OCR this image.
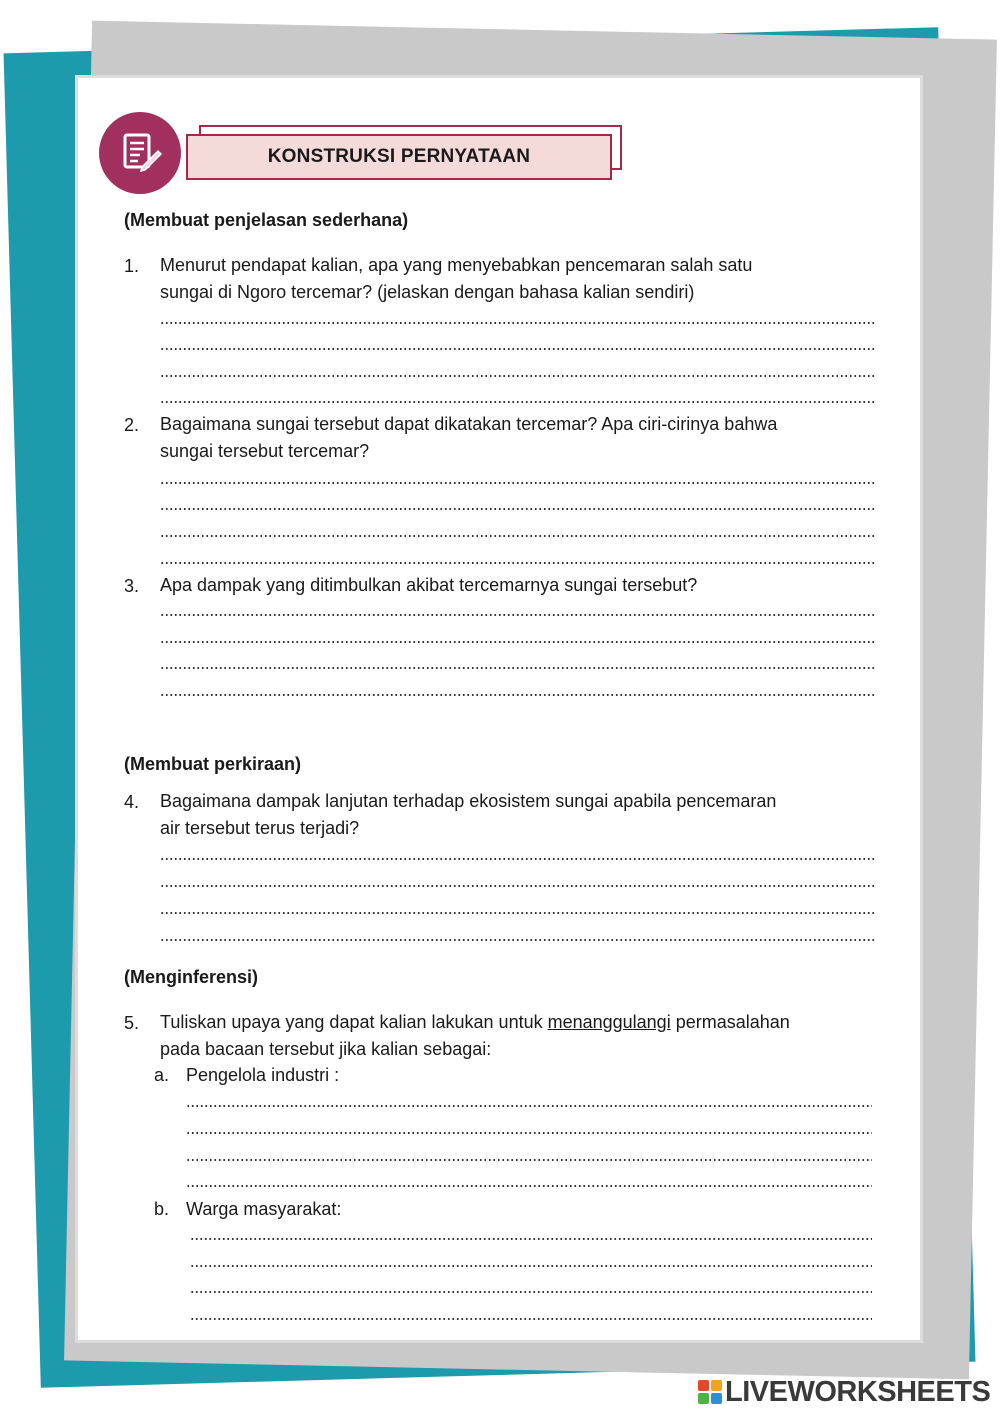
KONSTRUKSI PERNYATAAN
(Membuat penjelasan sederhana)
1. Menurut pendapat kalian, apa yang menyebabkan pencemaran salah satu
sungai di Ngoro tercemar? (jelaskan dengan bahasa kalian sendiri)
2. Bagaimana sungai tersebut dapat dikatakan tercemar? Apa ciri-cirinya bahwa
sungai tersebut tercemar?
3. Apa dampak yang ditimbulkan akibat tercemarnya sungai tersebut?
(Membuat perkiraan)
4. Bagaimana dampak lanjutan terhadap ekosistem sungai apabila pencemaran
air tersebut terus terjadi?
(Menginferensi)
5. Tuliskan upaya yang dapat kalian lakukan untuk menanggulangi permasalahan
pada bacaan tersebut jika kalian sebagai:
a. Pengelola industri :
b. Warga masyarakat:
LIVEWORKSHEETS
